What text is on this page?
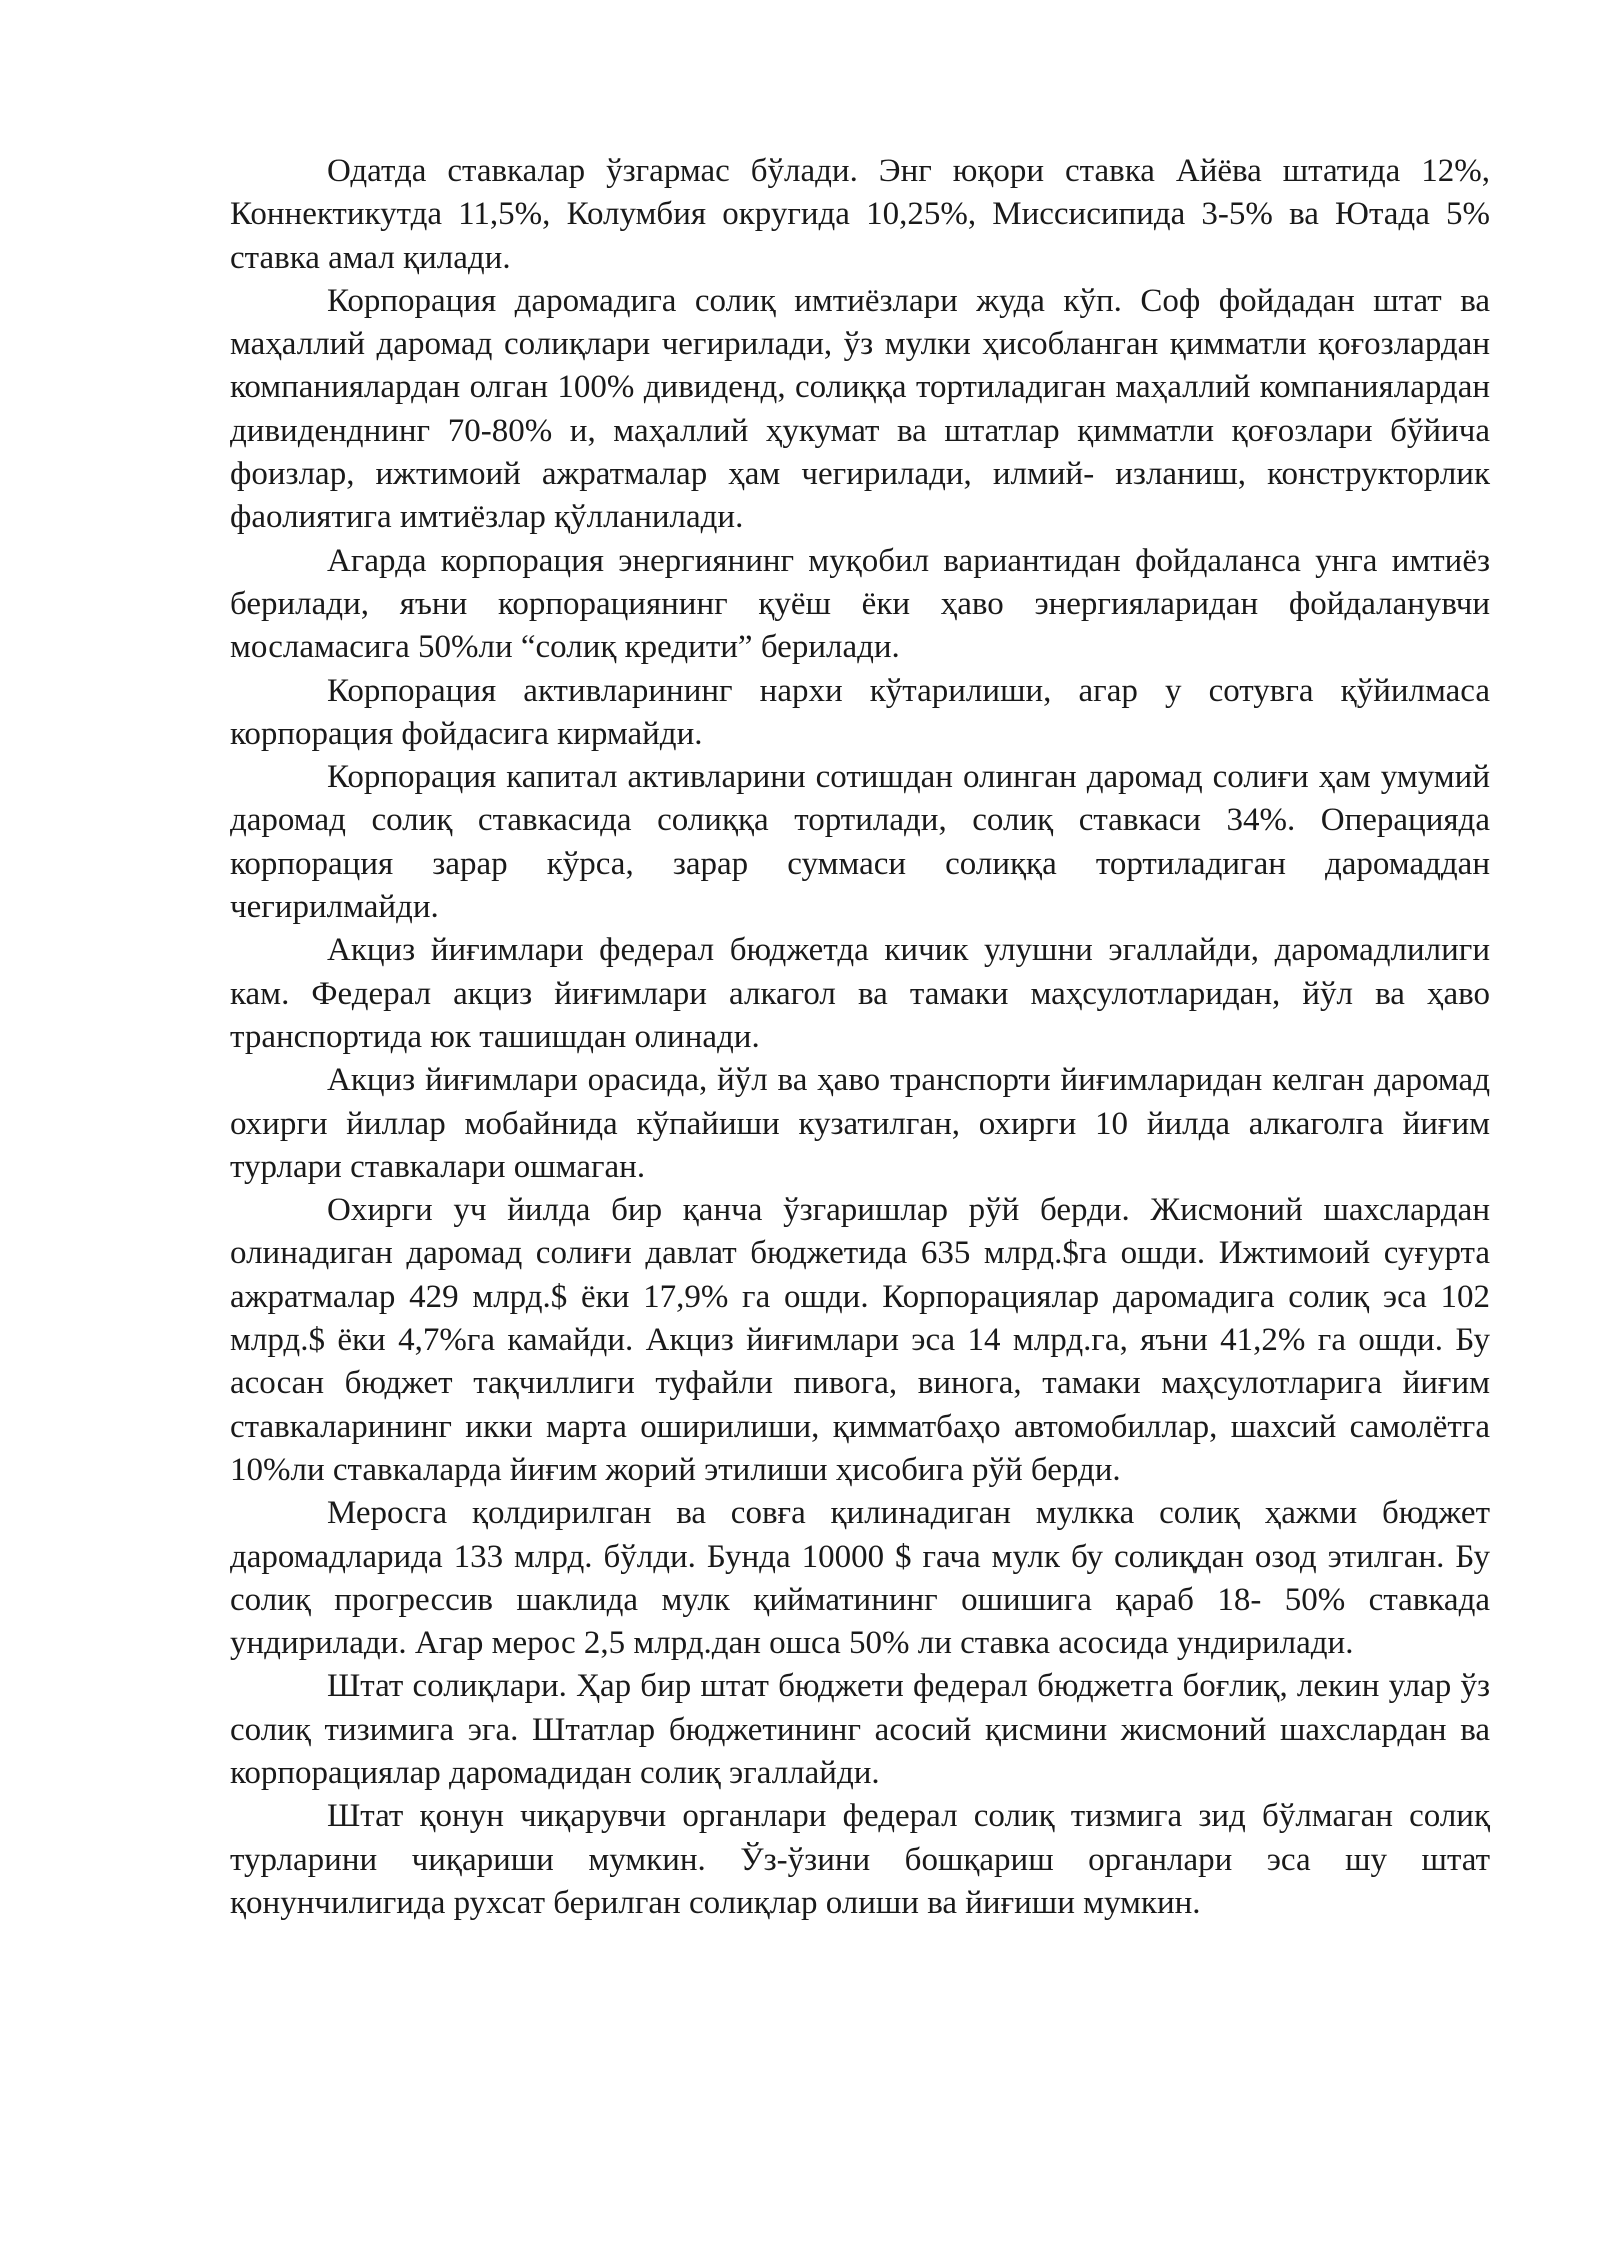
Одатда ставкалар ўзгармас бўлади. Энг юқори ставка Айёва штатида 12%, Коннектикутда 11,5%, Колумбия округида 10,25%, Миссисипида 3-5% ва Ютада 5% ставка амал қилади.

Корпорация даромадига солиқ имтиёзлари жуда кўп. Соф фойдадан штат ва маҳаллий даромад солиқлари чегирилади, ўз мулки ҳисобланган қимматли қоғозлардан компаниялардан олган 100% дивиденд, солиққа тортиладиган маҳаллий компаниялардан дивиденднинг 70-80% и, маҳаллий ҳукумат ва штатлар қимматли қоғозлари бўйича фоизлар, ижтимоий ажратмалар ҳам чегирилади, илмий- изланиш, конструкторлик фаолиятига имтиёзлар қўлланилади.

Агарда корпорация энергиянинг муқобил вариантидан фойдаланса унга имтиёз берилади, яъни корпорациянинг қуёш ёки ҳаво энергияларидан фойдаланувчи мосламасига 50%ли “солиқ кредити” берилади.

Корпорация активларининг нархи кўтарилиши, агар у сотувга қўйилмаса корпорация фойдасига кирмайди.

Корпорация капитал активларини сотишдан олинган даромад солиғи ҳам умумий даромад солиқ ставкасида солиққа тортилади, солиқ ставкаси 34%. Операцияда корпорация зарар кўрса, зарар суммаси солиққа тортиладиган даромаддан чегирилмайди.

Акциз йиғимлари федерал бюджетда кичик улушни эгаллайди, даромадлилиги кам. Федерал акциз йиғимлари алкагол ва тамаки маҳсулотларидан, йўл ва ҳаво транспортида юк ташишдан олинади.

Акциз йиғимлари орасида, йўл ва ҳаво транспорти йиғимларидан келган даромад охирги йиллар мобайнида кўпайиши кузатилган, охирги 10 йилда алкаголга йиғим турлари ставкалари ошмаган.

Охирги уч йилда бир қанча ўзгаришлар рўй берди. Жисмоний шахслардан олинадиган даромад солиғи давлат бюджетида 635 млрд.$га ошди. Ижтимоий суғурта ажратмалар 429 млрд.$ ёки 17,9% га ошди. Корпорациялар даромадига солиқ эса 102 млрд.$ ёки 4,7%га камайди. Акциз йиғимлари эса 14 млрд.га, яъни 41,2% га ошди. Бу асосан бюджет тақчиллиги туфайли пивога, винога, тамаки маҳсулотларига йиғим ставкаларининг икки марта оширилиши, қимматбаҳо автомобиллар, шахсий самолётга 10%ли ставкаларда йиғим жорий этилиши ҳисобига рўй берди.

Меросга қолдирилган ва совға қилинадиган мулкка солиқ ҳажми бюджет даромадларида 133 млрд. бўлди. Бунда 10000 $ гача мулк бу солиқдан озод этилган. Бу солиқ прогрессив шаклида мулк қийматининг ошишига қараб 18- 50% ставкада ундирилади. Агар мерос 2,5 млрд.дан ошса 50% ли ставка асосида ундирилади.

Штат солиқлари. Ҳар бир штат бюджети федерал бюджетга боғлиқ, лекин улар ўз солиқ тизимига эга. Штатлар бюджетининг асосий қисмини жисмоний шахслардан ва корпорациялар даромадидан солиқ эгаллайди.

Штат қонун чиқарувчи органлари федерал солиқ тизмига зид бўлмаган солиқ турларини чиқариши мумкин. Ўз-ўзини бошқариш органлари эса шу штат қонунчилигида рухсат берилган солиқлар олиши ва йиғиши мумкин.
